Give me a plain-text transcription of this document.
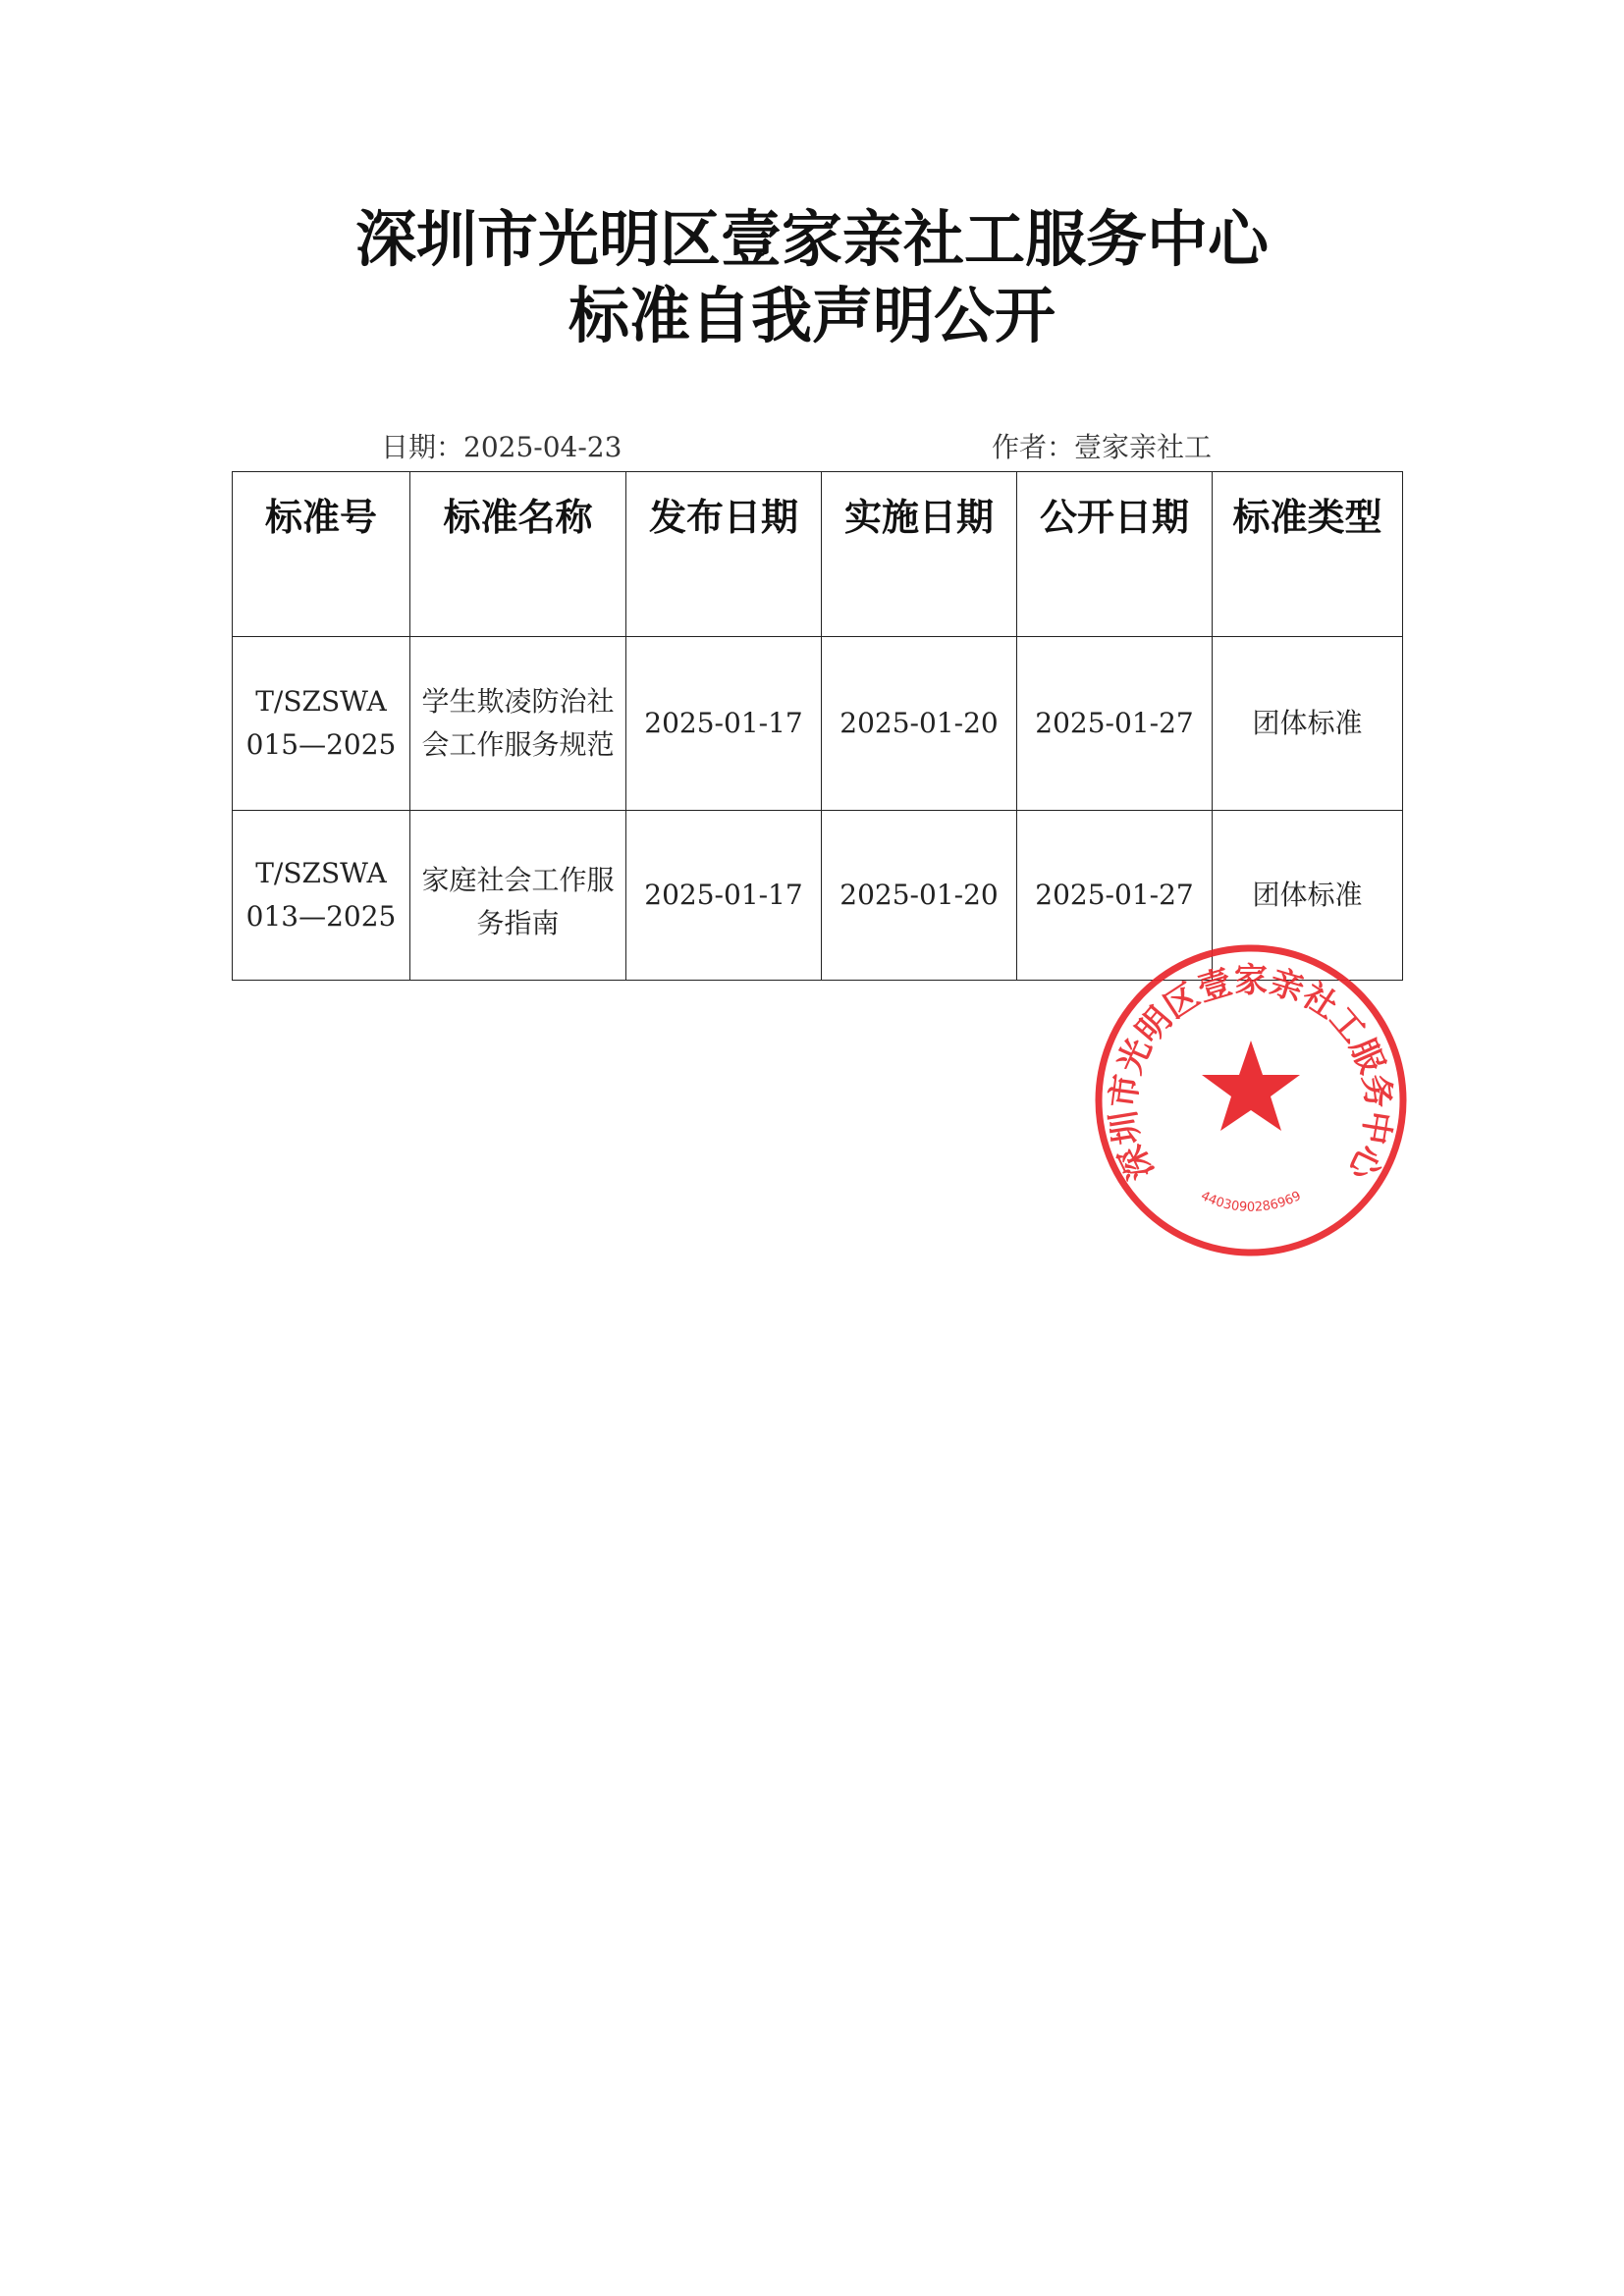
深圳市光明区壹家亲社工服务中心
标准自我声明公开
日期：2025-04-23	作者：壹家亲社工
标准号	标准名称	发布日期	实施日期	公开日期	标准类型

T/SZSWA
015—2025	学生欺凌防治社会工作服务规范	2025-01-17	2025-01-20	2025-01-27	团体标准

T/SZSWA
013—2025	家庭社会工作服务指南	2025-01-17	2025-01-20	2025-01-27	团体标准
深圳市光明区壹家亲社工服务中心
4403090286969
